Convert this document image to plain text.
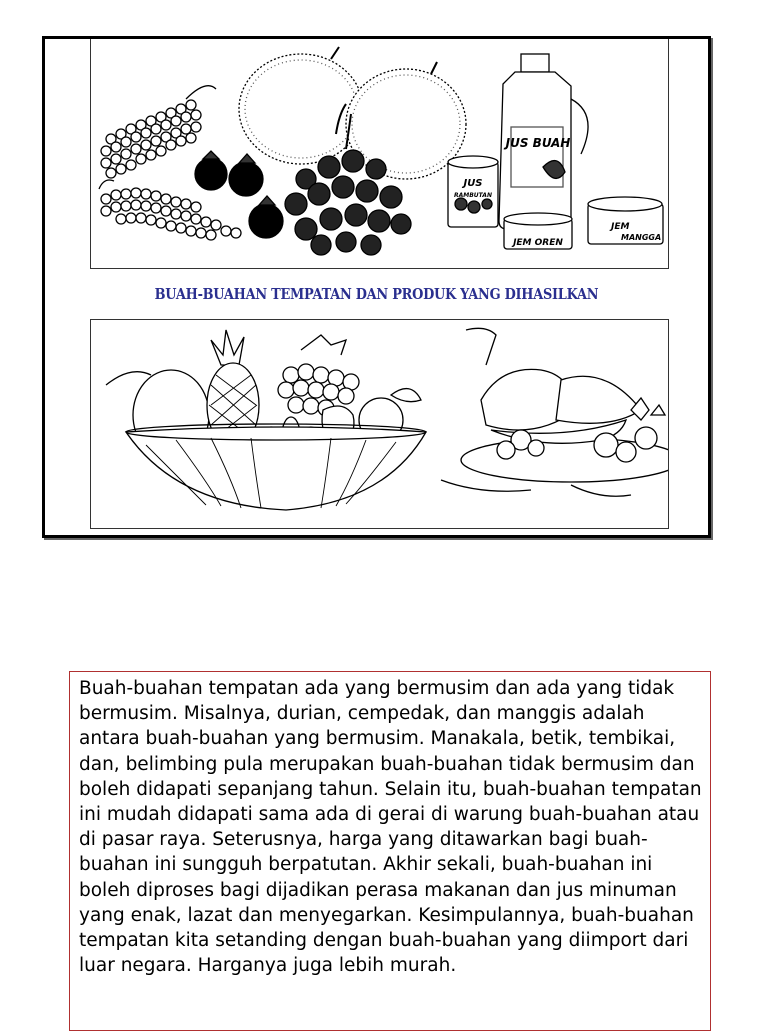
JUS BUAH
JUS
RAMBUTAN
JEM OREN
JEM
MANGGA
BUAH-BUAHAN TEMPATAN DAN PRODUK YANG DIHASILKAN

Buah-buahan tempatan ada yang bermusim dan ada yang tidak bermusim. Misalnya, durian, cempedak, dan manggis adalah antara buah-buahan yang bermusim. Manakala, betik, tembikai, dan, belimbing pula merupakan buah-buahan tidak bermusim dan boleh didapati sepanjang tahun. Selain itu, buah-buahan tempatan ini mudah didapati sama ada di gerai di warung buah-buahan atau di pasar raya. Seterusnya, harga yang ditawarkan bagi buah-buahan ini sungguh berpatutan. Akhir sekali, buah-buahan ini boleh diproses bagi dijadikan perasa makanan dan jus minuman yang enak, lazat dan menyegarkan. Kesimpulannya, buah-buahan tempatan kita setanding dengan buah-buahan yang diimport dari luar negara. Harganya juga lebih murah.
